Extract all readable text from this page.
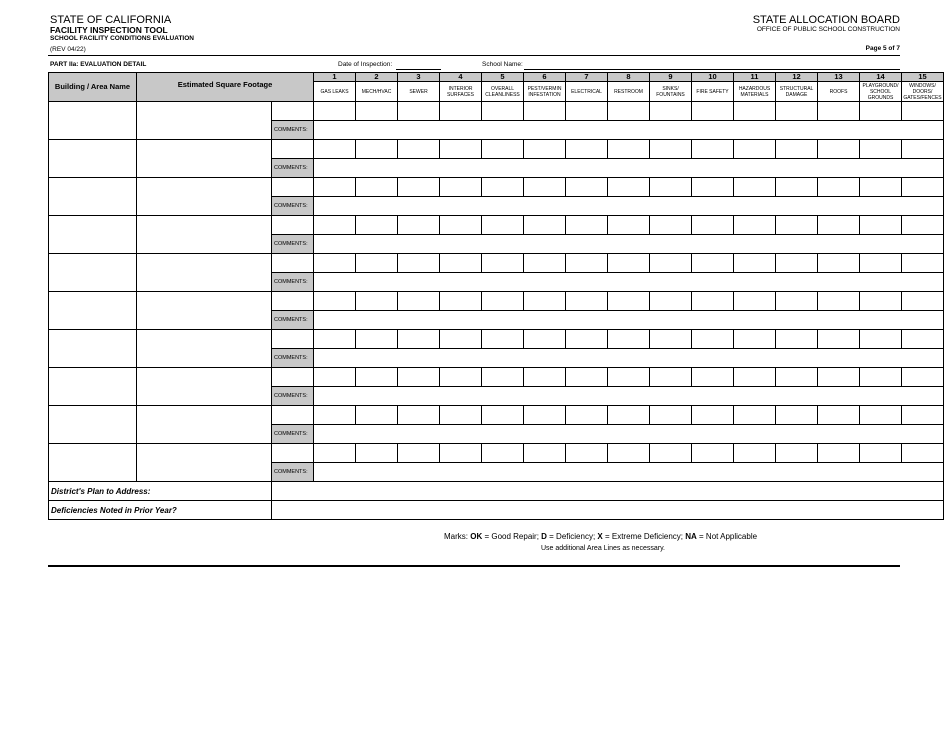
STATE OF CALIFORNIA
FACILITY INSPECTION TOOL
SCHOOL FACILITY CONDITIONS EVALUATION
(REV 04/22)
STATE ALLOCATION BOARD
OFFICE OF PUBLIC SCHOOL CONSTRUCTION
Page 5 of 7
PART IIa: EVALUATION DETAIL	Date of Inspection:	School Name:
Building / Area Name	Estimated Square Footage		1	2	3	4	5	6	7	8	9	10	11	12	13	14	15
			GAS LEAKS	MECH/HVAC	SEWER	INTERIOR SURFACES	OVERALL CLEANLINESS	PEST/VERMIN INFESTATION	ELECTRICAL	RESTROOM	SINKS/ FOUNTAINS	FIRE SAFETY	HAZARDOUS MATERIALS	STRUCTURAL DAMAGE	ROOFS	PLAYGROUND/ SCHOOL GROUNDS	WINDOWS/ DOORS/ GATES/FENCES

		COMMENTS:															

		COMMENTS:															

		COMMENTS:															

		COMMENTS:															

		COMMENTS:															

		COMMENTS:															

		COMMENTS:															

		COMMENTS:															

		COMMENTS:															

		COMMENTS:															
District's Plan to Address:																	
Deficiencies Noted in Prior Year?																	
Marks: OK = Good Repair; D = Deficiency; X = Extreme Deficiency; NA = Not Applicable
Use additional Area Lines as necessary.
